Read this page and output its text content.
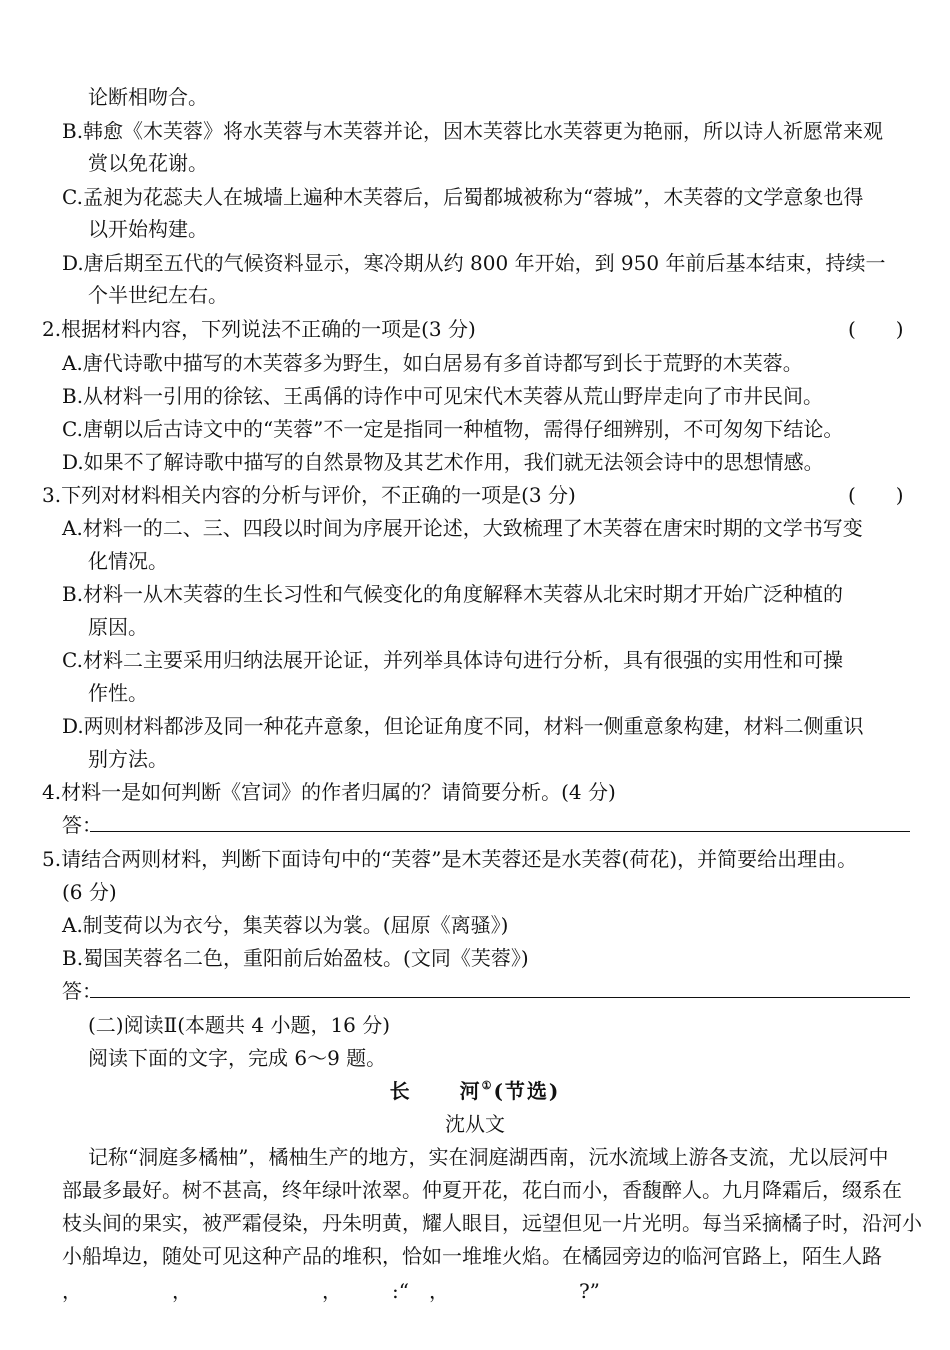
论断相吻合。
B.韩愈《木芙蓉》将水芙蓉与木芙蓉并论，因木芙蓉比水芙蓉更为艳丽，所以诗人祈愿常来观
赏以免花谢。
C.孟昶为花蕊夫人在城墙上遍种木芙蓉后，后蜀都城被称为“蓉城”，木芙蓉的文学意象也得
以开始构建。
D.唐后期至五代的气候资料显示，寒冷期从约 800 年开始，到 950 年前后基本结束，持续一
个半世纪左右。
2.根据材料内容，下列说法不正确的一项是(3 分)	(　　)
A.唐代诗歌中描写的木芙蓉多为野生，如白居易有多首诗都写到长于荒野的木芙蓉。
B.从材料一引用的徐铉、王禹偁的诗作中可见宋代木芙蓉从荒山野岸走向了市井民间。
C.唐朝以后古诗文中的“芙蓉”不一定是指同一种植物，需得仔细辨别，不可匆匆下结论。
D.如果不了解诗歌中描写的自然景物及其艺术作用，我们就无法领会诗中的思想情感。
3.下列对材料相关内容的分析与评价，不正确的一项是(3 分)	(　　)
A.材料一的二、三、四段以时间为序展开论述，大致梳理了木芙蓉在唐宋时期的文学书写变
化情况。
B.材料一从木芙蓉的生长习性和气候变化的角度解释木芙蓉从北宋时期才开始广泛种植的
原因。
C.材料二主要采用归纳法展开论证，并列举具体诗句进行分析，具有很强的实用性和可操
作性。
D.两则材料都涉及同一种花卉意象，但论证角度不同，材料一侧重意象构建，材料二侧重识
别方法。
4.材料一是如何判断《宫词》的作者归属的？请简要分析。(4 分)
答：
5.请结合两则材料，判断下面诗句中的“芙蓉”是木芙蓉还是水芙蓉(荷花)，并简要给出理由。
(6 分)
A.制芰荷以为衣兮，集芙蓉以为裳。(屈原《离骚》)
B.蜀国芙蓉名二色，重阳前后始盈枝。(文同《芙蓉》)
答：
(二)阅读Ⅱ(本题共 4 小题，16 分)
阅读下面的文字，完成 6～9 题。
长 河①(节选)
沈从文
记称“洞庭多橘柚”，橘柚生产的地方，实在洞庭湖西南，沅水流域上游各支流，尤以辰河中
部最多最好。树不甚高，终年绿叶浓翠。仲夏开花，花白而小，香馥醉人。九月降霜后，缀系在
枝头间的果实，被严霜侵染，丹朱明黄，耀人眼目，远望但见一片光明。每当采摘橘子时，沿河小
小船埠边，随处可见这种产品的堆积，恰如一堆堆火焰。在橘园旁边的临河官路上，陌生人路
，　　　　　，　　　　　　　，　　　:“　，　　　　　　　?”
